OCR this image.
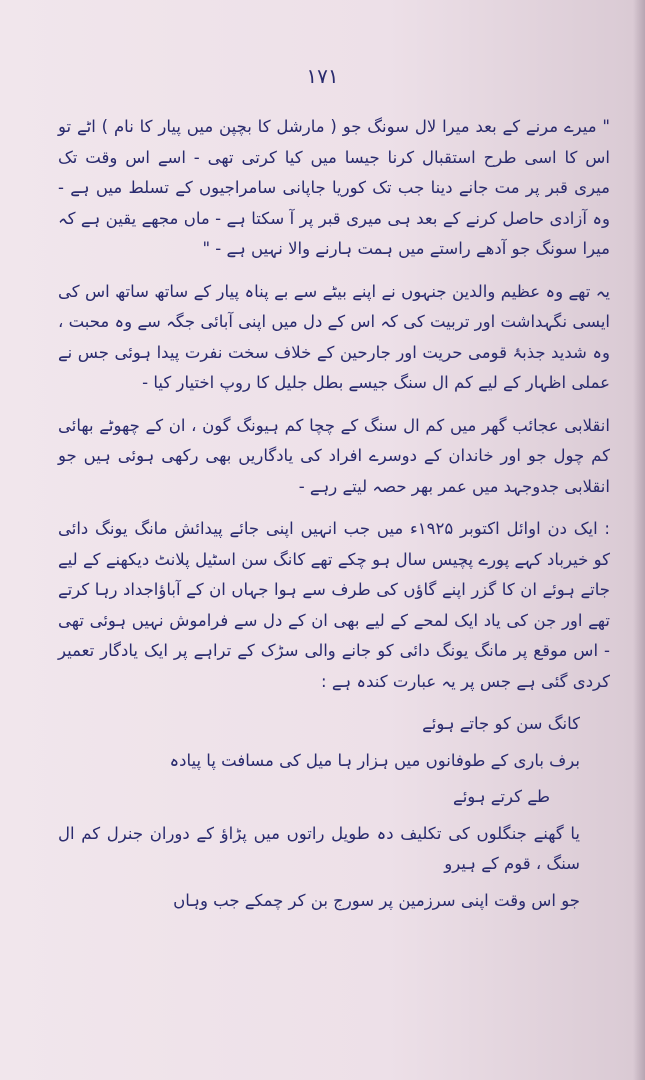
۱۷۱

" میرے مرنے کے بعد میرا لال سونگ جو ( مارشل کا بچپن میں پیار کا نام ) اٹے تو اس کا اسی طرح استقبال کرنا جیسا میں کیا کرتی تھی - اسے اس وقت تک میری قبر پر مت جانے دینا جب تک کوریا جاپانی سامراجیوں کے تسلط میں ہے - وہ آزادی حاصل کرنے کے بعد ہی میری قبر پر آ سکتا ہے - ماں مجھے یقین ہے کہ میرا سونگ جو آدھے راستے میں ہمت ہارنے والا نہیں ہے - "

یہ تھے وہ عظیم والدین جنہوں نے اپنے بیٹے سے بے پناہ پیار کے ساتھ ساتھ اس کی ایسی نگہداشت اور تربیت کی کہ اس کے دل میں اپنی آبائی جگہ سے وہ محبت ، وہ شدید جذبۂ قومی حریت اور جارحین کے خلاف سخت نفرت پیدا ہوئی جس نے عملی اظہار کے لیے کم ال سنگ جیسے بطل جلیل کا روپ اختیار کیا -

انقلابی عجائب گھر میں کم ال سنگ کے چچا کم ہیونگ گون ، ان کے چھوٹے بھائی کم چول جو اور خاندان کے دوسرے افراد کی یادگاریں بھی رکھی ہوئی ہیں جو انقلابی جدوجہد میں عمر بھر حصہ لیتے رہے -

: ایک دن اوائل اکتوبر ۱۹۲۵ء میں جب انہیں اپنی جائے پیدائش مانگ یونگ دائی کو خیرباد کہے پورے پچیس سال ہو چکے تھے کانگ سن اسٹیل پلانٹ دیکھنے کے لیے جاتے ہوئے ان کا گزر اپنے گاؤں کی طرف سے ہوا جہاں ان کے آباؤاجداد رہا کرتے تھے اور جن کی یاد ایک لمحے کے لیے بھی ان کے دل سے فراموش نہیں ہوئی تھی - اس موقع پر مانگ یونگ دائی کو جانے والی سڑک کے تراہے پر ایک یادگار تعمیر کردی گئی ہے جس پر یہ عبارت کندہ ہے :

کانگ سن کو جاتے ہوئے

برف باری کے طوفانوں میں ہزار ہا میل کی مسافت پا پیادہ

طے کرتے ہوئے

یا گھنے جنگلوں کی تکلیف دہ طویل راتوں میں پڑاؤ کے دوران جنرل کم ال سنگ ، قوم کے ہیرو

جو اس وقت اپنی سرزمین پر سورج بن کر چمکے جب وہاں
